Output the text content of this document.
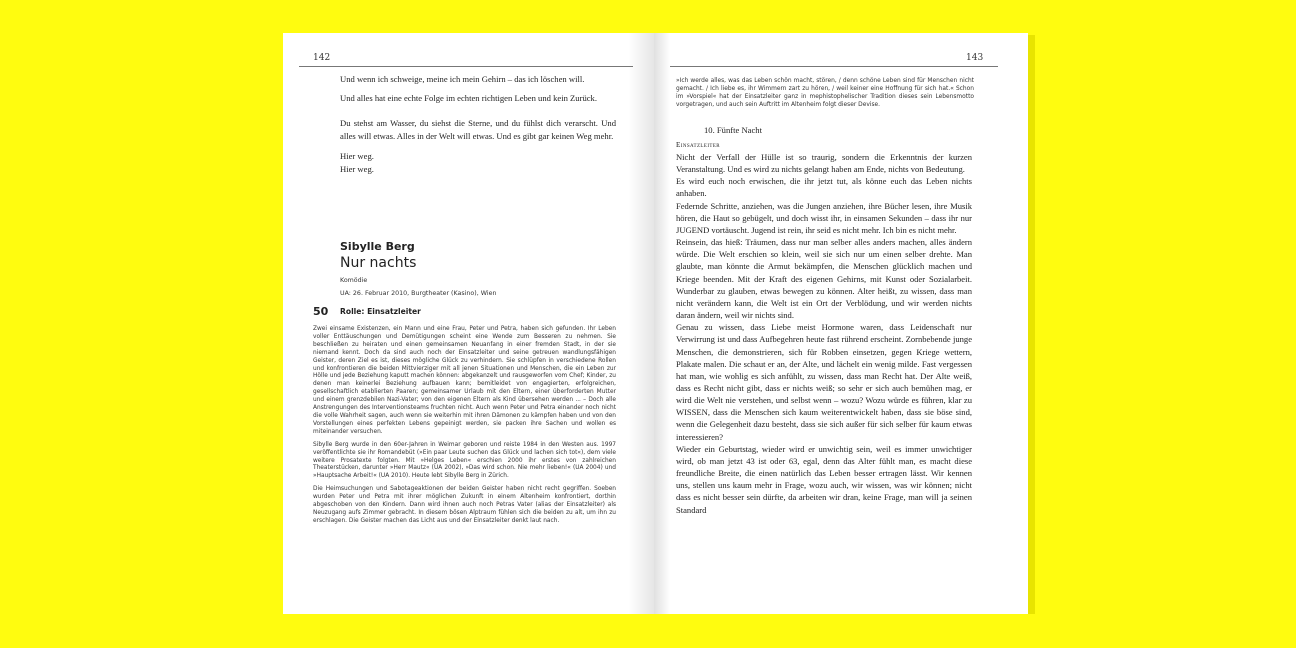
142

Und wenn ich schweige, meine ich mein Gehirn – das ich löschen will.

Und alles hat eine echte Folge im echten richtigen Leben und kein Zurück.

Du stehst am Wasser, du siehst die Sterne, und du fühlst dich verarscht. Und alles will etwas. Alles in der Welt will etwas. Und es gibt gar keinen Weg mehr.

Hier weg.

Hier weg.

Sibylle Berg
Nur nachts
Komödie
UA: 26. Februar 2010, Burgtheater (Kasino), Wien
50 Rolle: Einsatzleiter

Zwei einsame Existenzen, ein Mann und eine Frau, Peter und Petra, haben sich gefunden. Ihr Leben voller Enttäuschungen und Demütigungen scheint eine Wende zum Besseren zu nehmen. Sie beschließen zu heiraten und einen gemeinsamen Neuanfang in einer fremden Stadt, in der sie niemand kennt. Doch da sind auch noch der Einsatzleiter und seine getreuen wandlungsfähigen Geister, deren Ziel es ist, dieses mögliche Glück zu verhindern. Sie schlüpfen in verschiedene Rollen und konfrontieren die beiden Mittvierziger mit all jenen Situationen und Menschen, die ein Leben zur Hölle und jede Beziehung kaputt machen können: abgekanzelt und rausgeworfen vom Chef; Kinder, zu denen man keinerlei Beziehung aufbauen kann; bemitleidet von engagierten, erfolgreichen, gesellschaftlich etablierten Paaren; gemeinsamer Urlaub mit den Eltern, einer überforderten Mutter und einem grenzdebilen Nazi-Vater; von den eigenen Eltern als Kind übersehen werden ... – Doch alle Anstrengungen des Interventionsteams fruchten nicht. Auch wenn Peter und Petra einander noch nicht die volle Wahrheit sagen, auch wenn sie weiterhin mit ihren Dämonen zu kämpfen haben und von den Vorstellungen eines perfekten Lebens gepeinigt werden, sie packen ihre Sachen und wollen es miteinander versuchen.

Sibylle Berg wurde in den 60er-Jahren in Weimar geboren und reiste 1984 in den Westen aus. 1997 veröffentlichte sie ihr Romandebüt (»Ein paar Leute suchen das Glück und lachen sich tot«), dem viele weitere Prosatexte folgten. Mit »Helges Leben« erschien 2000 ihr erstes von zahlreichen Theaterstücken, darunter »Herr Mautz« (UA 2002), »Das wird schon. Nie mehr lieben!« (UA 2004) und »Hauptsache Arbeit!« (UA 2010). Heute lebt Sibylle Berg in Zürich.

Die Heimsuchungen und Sabotageaktionen der beiden Geister haben nicht recht gegriffen. Soeben wurden Peter und Petra mit ihrer möglichen Zukunft in einem Altenheim konfrontiert, dorthin abgeschoben von den Kindern. Dann wird ihnen auch noch Petras Vater (alias der Einsatzleiter) als Neuzugang aufs Zimmer gebracht. In diesem bösen Alptraum fühlen sich die beiden zu alt, um ihn zu erschlagen. Die Geister machen das Licht aus und der Einsatzleiter denkt laut nach.

143
»Ich werde alles, was das Leben schön macht, stören, / denn schöne Leben sind für Menschen nicht gemacht. / Ich liebe es, ihr Wimmern zart zu hören, / weil keiner eine Hoffnung für sich hat.« Schon im »Vorspiel« hat der Einsatzleiter ganz in mephistophelischer Tradition dieses sein Lebensmotto vorgetragen, und auch sein Auftritt im Altenheim folgt dieser Devise.
10. Fünfte Nacht
Einsatzleiter

Nicht der Verfall der Hülle ist so traurig, sondern die Erkenntnis der kurzen Veranstaltung. Und es wird zu nichts gelangt haben am Ende, nichts von Bedeutung.

Es wird euch noch erwischen, die ihr jetzt tut, als könne euch das Leben nichts anhaben.

Federnde Schritte, anziehen, was die Jungen anziehen, ihre Bücher lesen, ihre Musik hören, die Haut so gebügelt, und doch wisst ihr, in einsamen Sekunden – dass ihr nur JUGEND vortäuscht. Jugend ist rein, ihr seid es nicht mehr. Ich bin es nicht mehr.

Reinsein, das hieß: Träumen, dass nur man selber alles anders machen, alles ändern würde. Die Welt erschien so klein, weil sie sich nur um einen selber drehte. Man glaubte, man könnte die Armut bekämpfen, die Menschen glücklich machen und Kriege beenden. Mit der Kraft des eigenen Gehirns, mit Kunst oder Sozialarbeit. Wunderbar zu glauben, etwas bewegen zu können. Alter heißt, zu wissen, dass man nicht verändern kann, die Welt ist ein Ort der Verblödung, und wir werden nichts daran ändern, weil wir nichts sind.

Genau zu wissen, dass Liebe meist Hormone waren, dass Leidenschaft nur Verwirrung ist und dass Aufbegehren heute fast rührend erscheint. Zornbebende junge Menschen, die demonstrieren, sich für Robben einsetzen, gegen Kriege wettern, Plakate malen. Die schaut er an, der Alte, und lächelt ein wenig milde. Fast vergessen hat man, wie wohlig es sich anfühlt, zu wissen, dass man Recht hat. Der Alte weiß, dass es Recht nicht gibt, dass er nichts weiß; so sehr er sich auch bemühen mag, er wird die Welt nie verstehen, und selbst wenn – wozu? Wozu würde es führen, klar zu WISSEN, dass die Menschen sich kaum weiterentwickelt haben, dass sie böse sind, wenn die Gelegenheit dazu besteht, dass sie sich außer für sich selber für kaum etwas interessieren?

Wieder ein Geburtstag, wieder wird er unwichtig sein, weil es immer unwichtiger wird, ob man jetzt 43 ist oder 63, egal, denn das Alter fühlt man, es macht diese freundliche Breite, die einen natürlich das Leben besser ertragen lässt. Wir kennen uns, stellen uns kaum mehr in Frage, wozu auch, wir wissen, was wir können; nicht dass es nicht besser sein dürfte, da arbeiten wir dran, keine Frage, man will ja seinen Standard
